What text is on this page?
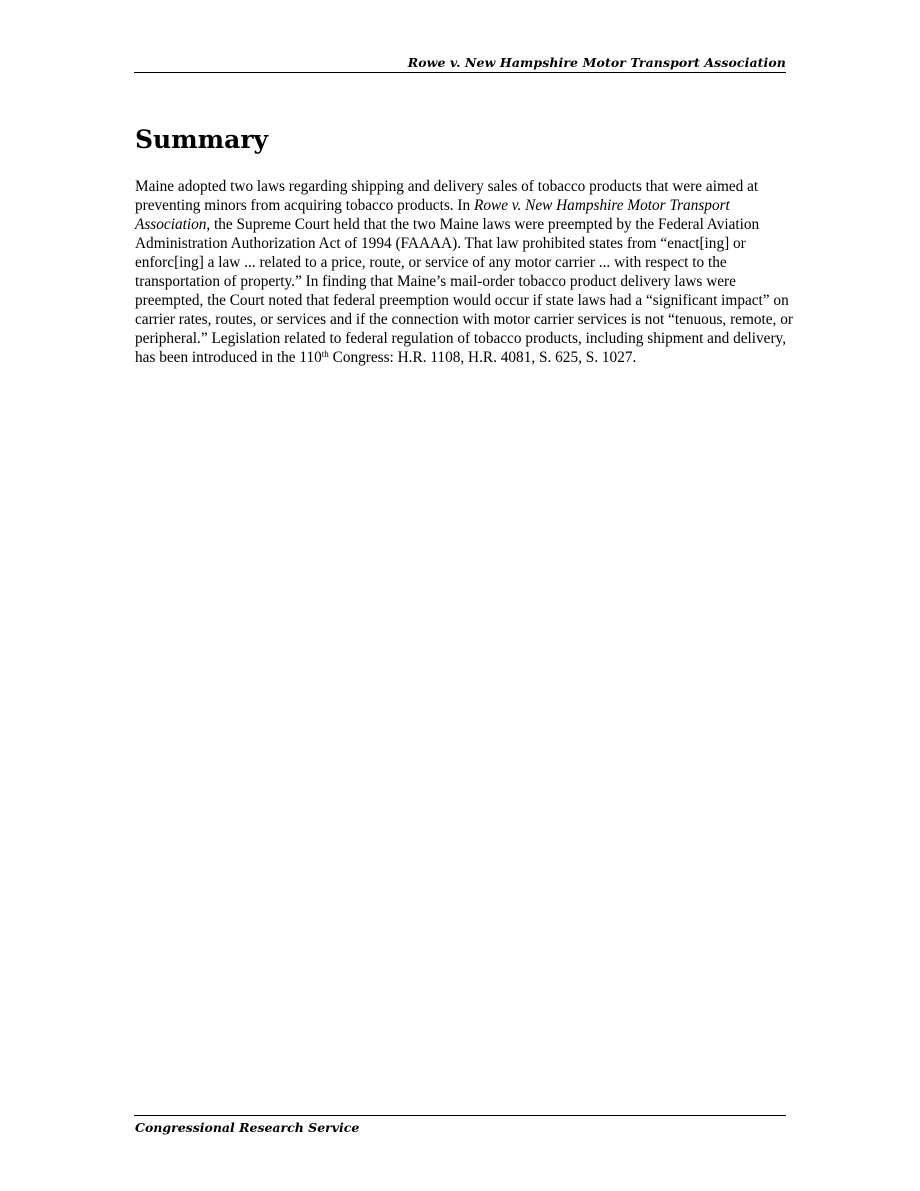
Rowe v. New Hampshire Motor Transport Association
Summary

Maine adopted two laws regarding shipping and delivery sales of tobacco products that were aimed at preventing minors from acquiring tobacco products. In Rowe v. New Hampshire Motor Transport Association, the Supreme Court held that the two Maine laws were preempted by the Federal Aviation Administration Authorization Act of 1994 (FAAAA). That law prohibited states from “enact[ing] or enforc[ing] a law ... related to a price, route, or service of any motor carrier ... with respect to the transportation of property.” In finding that Maine’s mail-order tobacco product delivery laws were preempted, the Court noted that federal preemption would occur if state laws had a “significant impact” on carrier rates, routes, or services and if the connection with motor carrier services is not “tenuous, remote, or peripheral.” Legislation related to federal regulation of tobacco products, including shipment and delivery, has been introduced in the 110th Congress: H.R. 1108, H.R. 4081, S. 625, S. 1027.

Congressional Research Service
